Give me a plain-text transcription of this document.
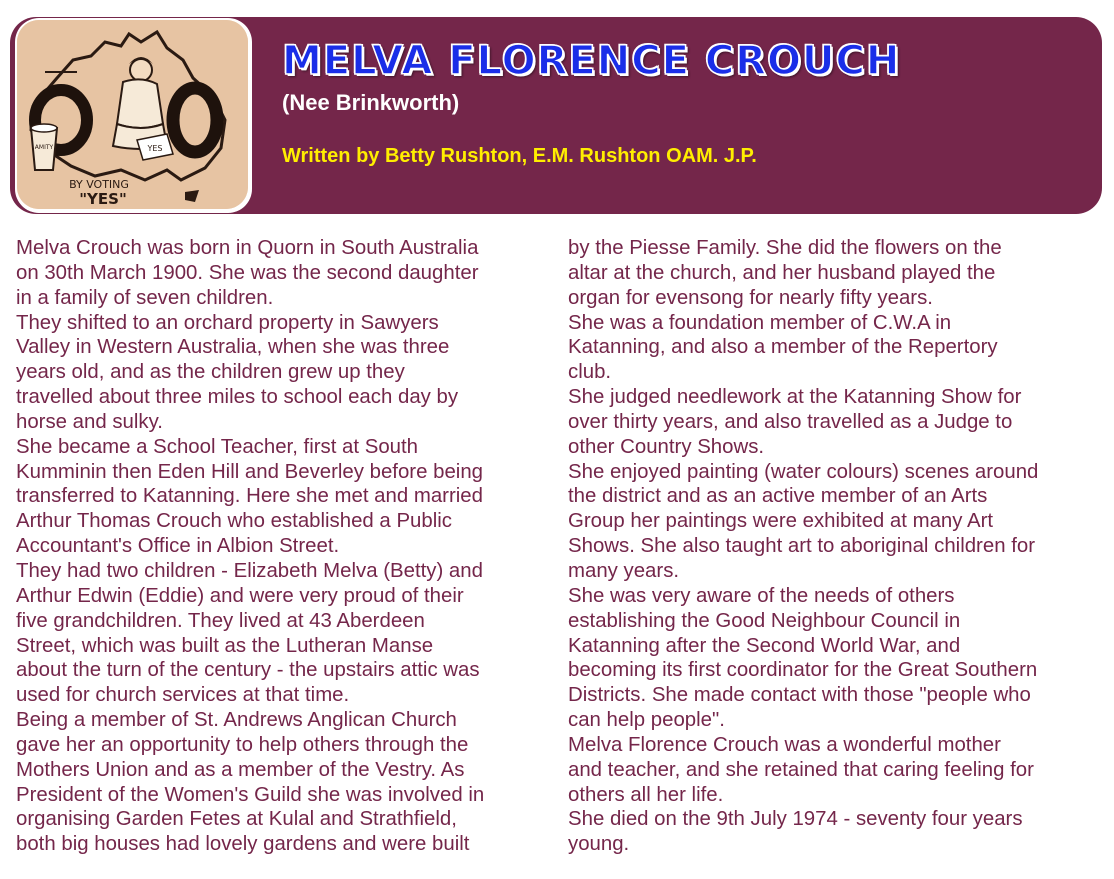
AMITY	YES
BY VOTING
"YES"
MELVA FLORENCE CROUCH
(Nee Brinkworth)
Written by Betty Rushton, E.M. Rushton OAM. J.P.
Melva Crouch was born in Quorn in South Australia
on 30th March 1900. She was the second daughter
in a family of seven children.
They shifted to an orchard property in Sawyers
Valley in Western Australia, when she was three
years old, and as the children grew up they
travelled about three miles to school each day by
horse and sulky.
She became a School Teacher, first at South
Kumminin then Eden Hill and Beverley before being
transferred to Katanning. Here she met and married
Arthur Thomas Crouch who established a Public
Accountant's Office in Albion Street.
They had two children - Elizabeth Melva (Betty) and
Arthur Edwin (Eddie) and were very proud of their
five grandchildren. They lived at 43 Aberdeen
Street, which was built as the Lutheran Manse
about the turn of the century - the upstairs attic was
used for church services at that time.
Being a member of St. Andrews Anglican Church
gave her an opportunity to help others through the
Mothers Union and as a member of the Vestry. As
President of the Women's Guild she was involved in
organising Garden Fetes at Kulal and Strathfield,
both big houses had lovely gardens and were built
by the Piesse Family. She did the flowers on the
altar at the church, and her husband played the
organ for evensong for nearly fifty years.
She was a foundation member of C.W.A in
Katanning, and also a member of the Repertory
club.
She judged needlework at the Katanning Show for
over thirty years, and also travelled as a Judge to
other Country Shows.
She enjoyed painting (water colours) scenes around
the district and as an active member of an Arts
Group her paintings were exhibited at many Art
Shows. She also taught art to aboriginal children for
many years.
She was very aware of the needs of others
establishing the Good Neighbour Council in
Katanning after the Second World War, and
becoming its first coordinator for the Great Southern
Districts. She made contact with those "people who
can help people".
Melva Florence Crouch was a wonderful mother
and teacher, and she retained that caring feeling for
others all her life.
She died on the 9th July 1974 - seventy four years
young.
